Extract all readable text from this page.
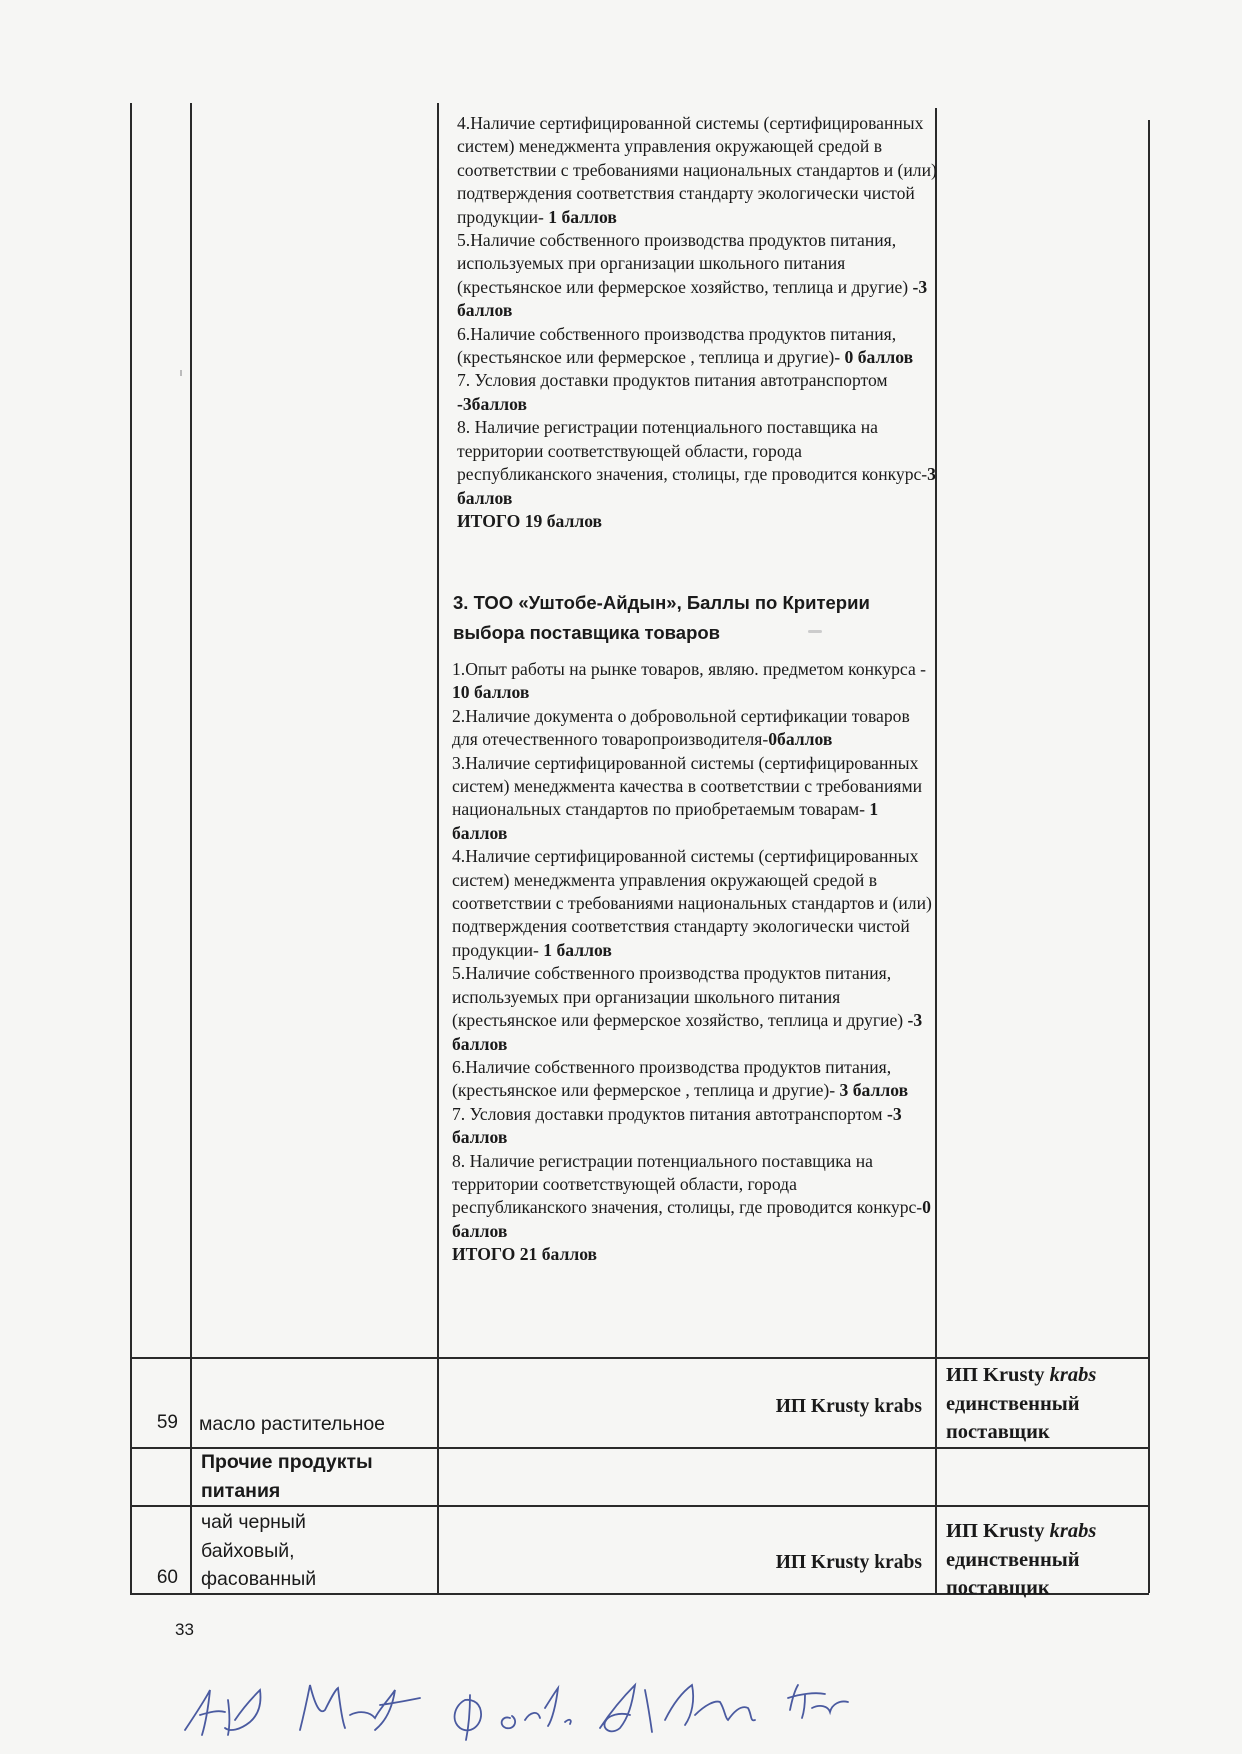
4.Наличие сертифицированной системы (сертифицированных систем) менеджмента управления окружающей средой в соответствии с требованиями национальных стандартов и (или) подтверждения соответствия стандарту экологически чистой продукции- 1 баллов

5.Наличие собственного производства продуктов питания, используемых при организации школьного питания (крестьянское или фермерское хозяйство, теплица и другие) -3 баллов

6.Наличие собственного производства продуктов питания, (крестьянское или фермерское , теплица и другие)- 0 баллов

7. Условия доставки продуктов питания автотранспортом -3баллов

8. Наличие регистрации потенциального поставщика на территории соответствующей области, города республиканского значения, столицы, где проводится конкурс-3 баллов

ИТОГО 19 баллов

3. ТОО «Уштобе-Айдын», Баллы по Критерии выбора поставщика товаров

1.Опыт работы на рынке товаров, являю. предметом конкурса - 10 баллов

2.Наличие документа о добровольной сертификации товаров для отечественного товаропроизводителя-0баллов

3.Наличие сертифицированной системы (сертифицированных систем) менеджмента качества в соответствии с требованиями национальных стандартов по приобретаемым товарам- 1 баллов

4.Наличие сертифицированной системы (сертифицированных систем) менеджмента управления окружающей средой в соответствии с требованиями национальных стандартов и (или) подтверждения соответствия стандарту экологически чистой продукции- 1 баллов

5.Наличие собственного производства продуктов питания, используемых при организации школьного питания (крестьянское или фермерское хозяйство, теплица и другие) -3 баллов

6.Наличие собственного производства продуктов питания, (крестьянское или фермерское , теплица и другие)- 3 баллов

7. Условия доставки продуктов питания автотранспортом -3 баллов

8. Наличие регистрации потенциального поставщика на территории соответствующей области, города республиканского значения, столицы, где проводится конкурс-0 баллов

ИТОГО 21 баллов

59 масло растительное
ИП Krusty krabs
ИП Krusty krabs
единственный
поставщик
Прочие продукты
питания
60
чай черный
байховый,
фасованный
ИП Krusty krabs
ИП Krusty krabs
единственный
поставщик
33
